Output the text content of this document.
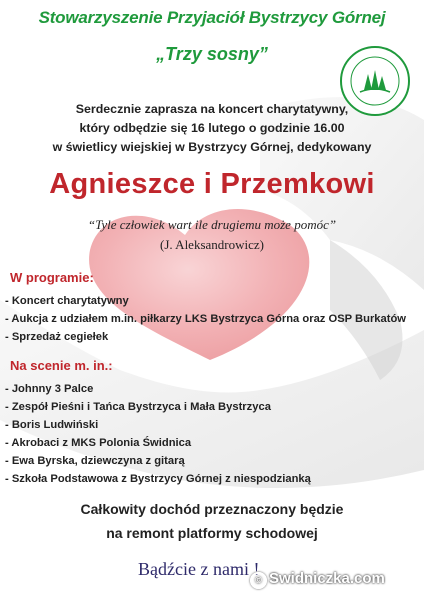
Stowarzyszenie Przyjaciół Bystrzycy Górnej
„Trzy sosny”
Serdecznie zaprasza na koncert charytatywny,
który odbędzie się 16 lutego o godzinie 16.00
w świetlicy wiejskiej w Bystrzycy Górnej, dedykowany
Agnieszce i Przemkowi
“Tyle człowiek wart ile drugiemu może pomóc”
(J. Aleksandrowicz)
W programie:
- Koncert charytatywny
- Aukcja z udziałem m.in. piłkarzy LKS Bystrzyca Górna oraz OSP Burkatów
- Sprzedaż cegiełek
Na scenie m. in.:
- Johnny 3 Palce
- Zespół Pieśni i Tańca Bystrzyca i Mała Bystrzyca
- Boris Ludwiński
- Akrobaci z MKS Polonia Świdnica
- Ewa Byrska, dziewczyna z gitarą
- Szkoła Podstawowa z Bystrzycy Górnej z niespodzianką
Całkowity dochód przeznaczony będzie
na remont platformy schodowej
Bądźcie z nami !
© Swidniczka.com
